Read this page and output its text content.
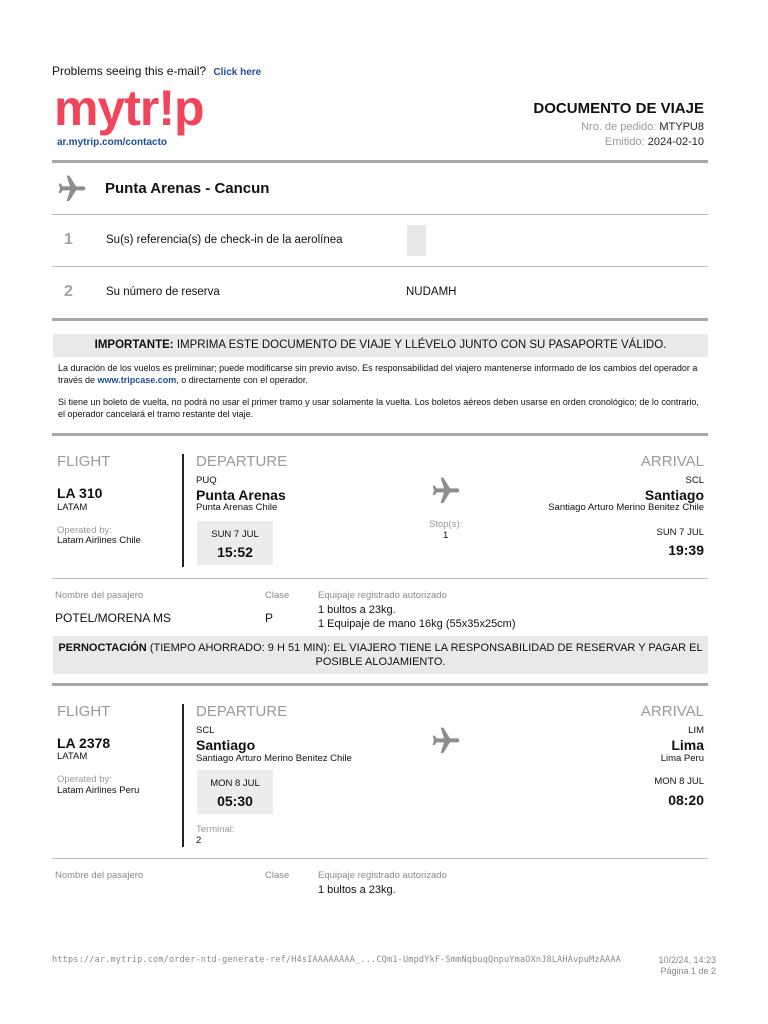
Problems seeing this e-mail? Click here
mytr!p
ar.mytrip.com/contacto
DOCUMENTO DE VIAJE
Nro. de pedido: MTYPU8
Emitido: 2024-02-10
Punta Arenas - Cancun
1	Su(s) referencia(s) de check-in de la aerolínea
2	Su número de reserva	NUDAMH
IMPORTANTE: IMPRIMA ESTE DOCUMENTO DE VIAJE Y LLÉVELO JUNTO CON SU PASAPORTE VÁLIDO.
La duración de los vuelos es preliminar; puede modificarse sin previo aviso. Es responsabilidad del viajero mantenerse informado de los cambios del operador a través de www.tripcase.com, o directamente con el operador.
Si tiene un boleto de vuelta, no podrá no usar el primer tramo y usar solamente la vuelta. Los boletos aéreos deben usarse en orden cronológico; de lo contrario, el operador cancelará el tramo restante del viaje.
FLIGHT
LA 310
LATAM
Operated by:
Latam Airlines Chile
DEPARTURE
PUQ
Punta Arenas
Punta Arenas Chile
SUN 7 JUL
15:52
Stop(s):
1
ARRIVAL
SCL
Santiago
Santiago Arturo Merino Benitez Chile
SUN 7 JUL
19:39
Nombre del pasajero	Clase	Equipaje registrado autorizado
POTEL/MORENA MS	P
1 bultos a 23kg.
1 Equipaje de mano 16kg (55x35x25cm)
PERNOCTACIÓN (TIEMPO AHORRADO: 9 H 51 MIN): EL VIAJERO TIENE LA RESPONSABILIDAD DE RESERVAR Y PAGAR EL POSIBLE ALOJAMIENTO.
FLIGHT
LA 2378
LATAM
Operated by:
Latam Airlines Peru
DEPARTURE
SCL
Santiago
Santiago Arturo Merino Benitez Chile
MON 8 JUL
05:30
Terminal:
2
ARRIVAL
LIM
Lima
Lima Peru
MON 8 JUL
08:20
Nombre del pasajero	Clase	Equipaje registrado autorizado
1 bultos a 23kg.
https://ar.mytrip.com/order-ntd-generate-ref/H4sIAAAAAAAA_...CQm1-UmpdYkF-SmmNqbuqQnpuYmaOXnJ8LAHAvpuMzAAAA	10/2/24, 14:23
Página 1 de 2
